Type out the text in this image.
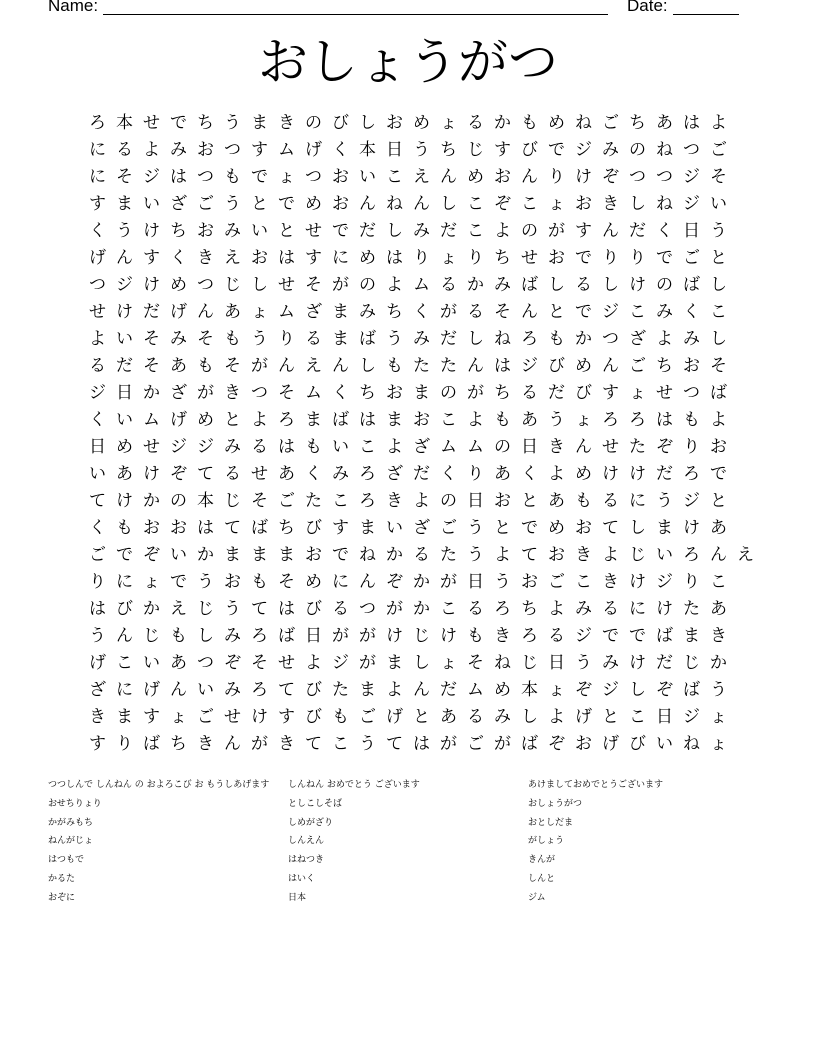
Name:	Date:
おしょうがつ
ろ 本 せ で ち う ま き の び し お め ょ る か も め ね ご ち あ は よ
に る よ み お つ す ム げ く 本 日 う ち じ す び で ジ み の ね つ ご
に そ ジ は つ も で ょ つ お い こ え ん め お ん り け ぞ つ つ ジ そ
す ま い ざ ご う と で め お ん ね ん し こ ぞ こ ょ お き し ね ジ い
く う け ち お み い と せ で だ し み だ こ よ の が す ん だ く 日 う
げ ん す く き え お は す に め は り ょ り ち せ お で り り で ご と
つ ジ け め つ じ し せ そ が の よ ム る か み ば し る し け の ば し
せ け だ げ ん あ ょ ム ざ ま み ち く が る そ ん と で ジ こ み く こ
よ い そ み そ も う り る ま ば う み だ し ね ろ も か つ ざ よ み し
る だ そ あ も そ が ん え ん し も た た ん は ジ び め ん ご ち お そ
ジ 日 か ざ が き つ そ ム く ち お ま の が ち る だ び す ょ せ つ ば
く い ム げ め と よ ろ ま ば は ま お こ よ も あ う ょ ろ ろ は も よ
日 め せ ジ ジ み る は も い こ よ ざ ム ム の 日 き ん せ た ぞ り お
い あ け ぞ て る せ あ く み ろ ざ だ く り あ く よ め け け だ ろ で
て け か の 本 じ そ ご た こ ろ き よ の 日 お と あ も る に う ジ と
く も お お は て ば ち び す ま い ざ ご う と で め お て し ま け あ
ご で ぞ い か ま ま ま お で ね か る た う よ て お き よ じ い ろ ん え
り に ょ で う お も そ め に ん ぞ か が 日 う お ご こ き け ジ り こ
は び か え じ う て は び る つ が か こ る ろ ち よ み る に け た あ
う ん じ も し み ろ ば 日 が が け じ け も き ろ る ジ で で ば ま き
げ こ い あ つ ぞ そ せ よ ジ が ま し ょ そ ね じ 日 う み け だ じ か
ざ に げ ん い み ろ て び た ま よ ん だ ム め 本 ょ ぞ ジ し ぞ ば う
き ま す ょ ご せ け す び も ご げ と あ る み し よ げ と こ 日 ジ ょ
す り ば ち き ん が き て こ う て は が ご が ば ぞ お げ び い ね ょ
つつしんで しんねん の およろこび お もうしあげます
おせちりょり
かがみもち
ねんがじょ
はつもで
かるた
おぞに
しんねん おめでとう ございます
としこしそば
しめがざり
しんえん
はねつき
はいく
日本
あけましておめでとうございます
おしょうがつ
おとしだま
がしょう
きんが
しんと
ジム
